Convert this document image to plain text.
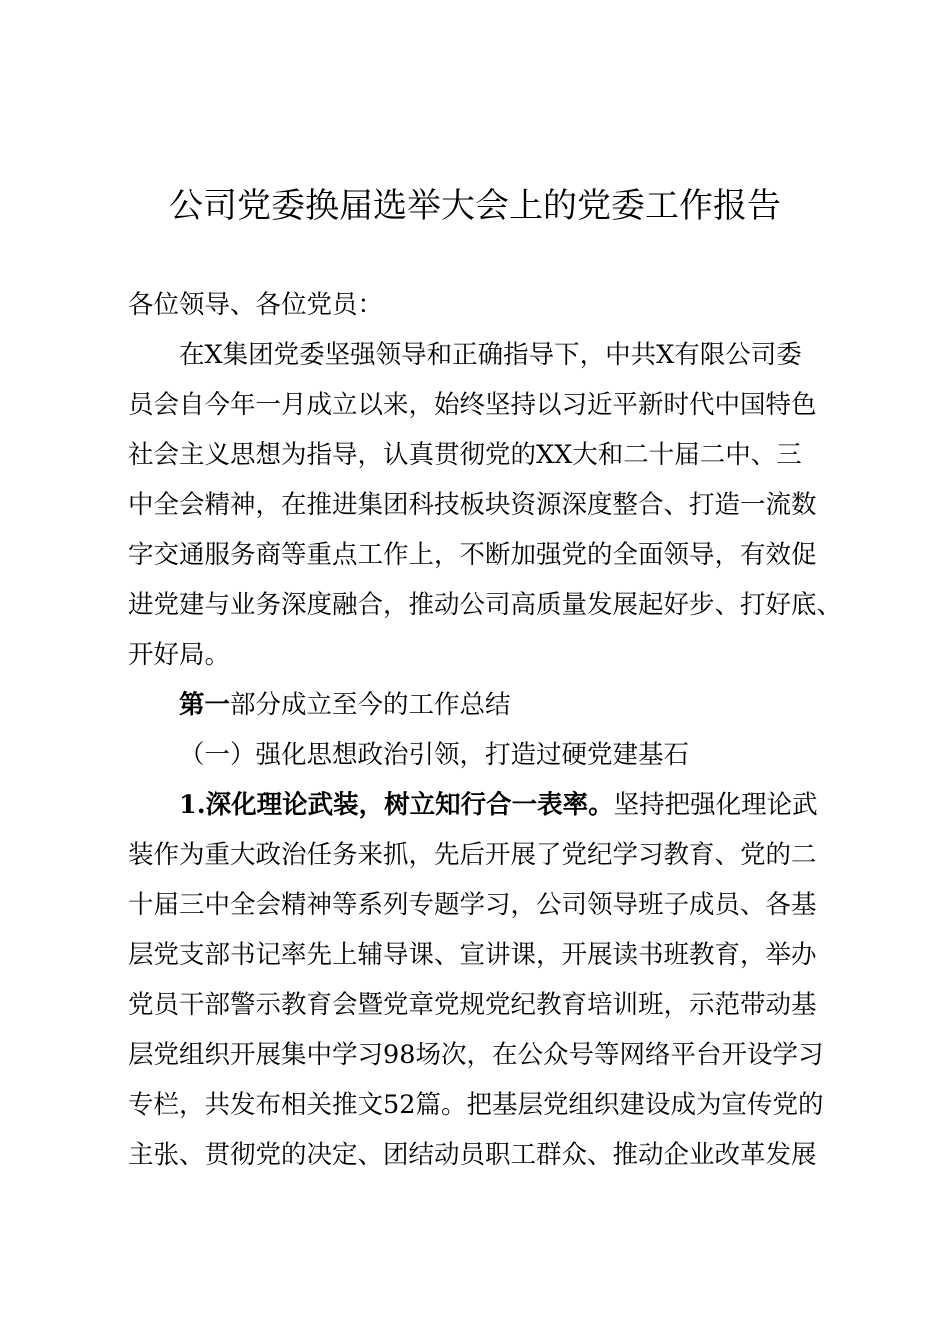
公司党委换届选举大会上的党委工作报告

各位领导、各位党员：

在X集团党委坚强领导和正确指导下，中共X有限公司委
员会自今年一月成立以来，始终坚持以习近平新时代中国特色
社会主义思想为指导，认真贯彻党的XX大和二十届二中、三
中全会精神，在推进集团科技板块资源深度整合、打造一流数
字交通服务商等重点工作上，不断加强党的全面领导，有效促
进党建与业务深度融合，推动公司高质量发展起好步、打好底、
开好局。

第一部分成立至今的工作总结

（一）强化思想政治引领，打造过硬党建基石

1.深化理论武装，树立知行合一表率。坚持把强化理论武
装作为重大政治任务来抓，先后开展了党纪学习教育、党的二
十届三中全会精神等系列专题学习，公司领导班子成员、各基
层党支部书记率先上辅导课、宣讲课，开展读书班教育，举办
党员干部警示教育会暨党章党规党纪教育培训班，示范带动基
层党组织开展集中学习98场次，在公众号等网络平台开设学习
专栏，共发布相关推文52篇。把基层党组织建设成为宣传党的
主张、贯彻党的决定、团结动员职工群众、推动企业改革发展
